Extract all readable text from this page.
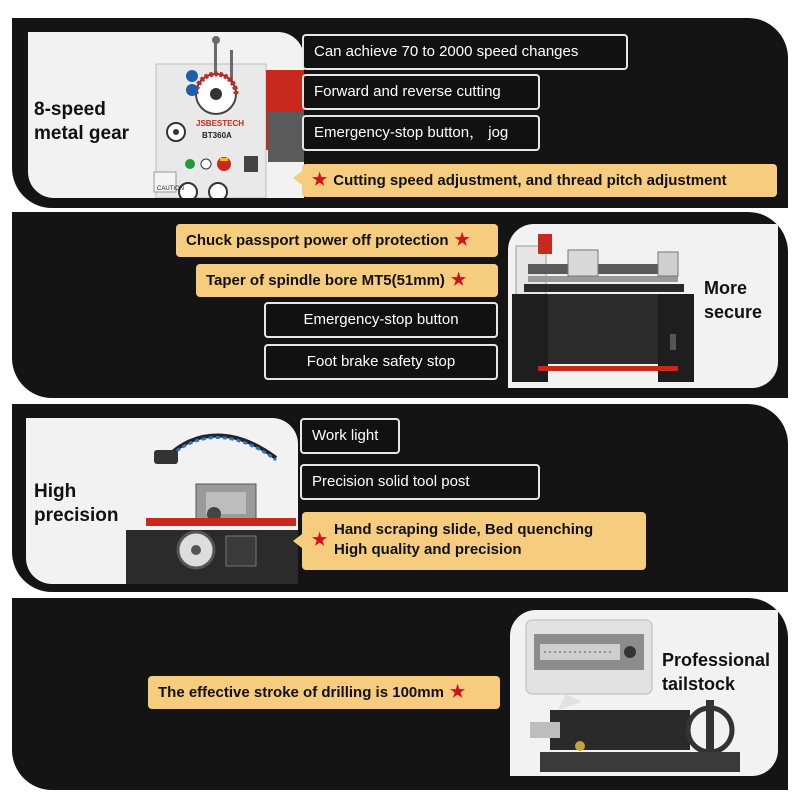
8-speed metal gear	JSBESTECH
BT360A
CAUTION
Can achieve 70 to 2000 speed changes
Forward and reverse cutting
Emergency-stop button， jog
★ Cutting speed adjustment, and thread pitch adjustment
Chuck passport power off protection ★
Taper of spindle bore MT5(51mm) ★
Emergency-stop button
Foot brake safety stop
More secure
High precision
Work light
Precision solid tool post
★
Hand scraping slide, Bed quenching
High quality and precision
The effective stroke of drilling is 100mm ★
Professional tailstock
